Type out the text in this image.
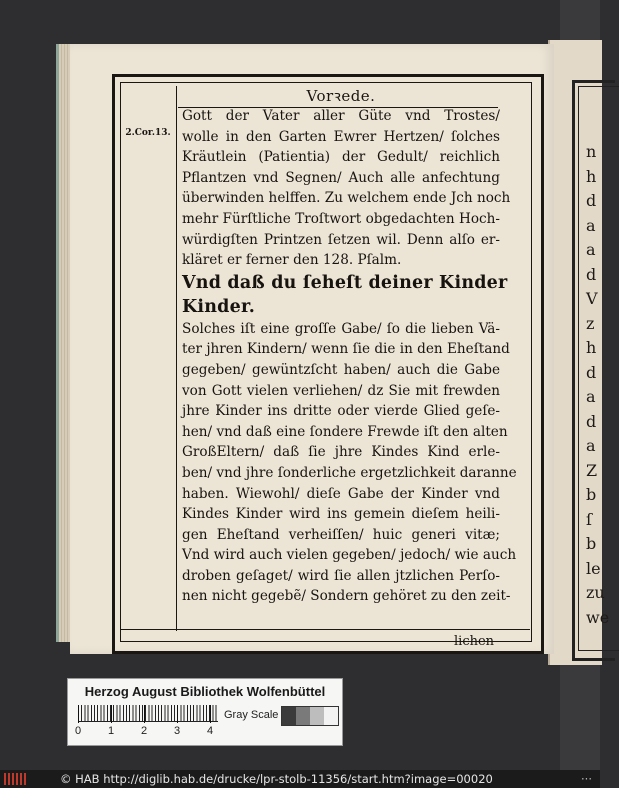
n
h
d
a
a
d
V
z
h
d
a
d
a
Z
b
ſ
b
le
zu
we
Vorꝛede.
2.Cor.13.
Gott der Vater aller Güte vnd Trostes/
wolle in den Garten Ewrer Hertzen/ ſolches
Kräutlein (Patientia) der Gedult/ reichlich
Pflantzen vnd Segnen/ Auch alle anfechtung
überwinden helffen. Zu welchem ende Jch noch
mehr Fürſtliche Troſtwort obgedachten Hoch-
würdigſten Printzen ſetzen wil. Denn alſo er-
kläret er ferner den 128. Pſalm.
Vnd daß du ſeheſt deiner Kinder
Kinder.
Solches iſt eine groſſe Gabe/ ſo die lieben Vä-
ter jhren Kindern/ wenn ſie die in den Eheſtand
gegeben/ gewüntzſcht haben/ auch die Gabe
von Gott vielen verliehen/ dz Sie mit frewden
jhre Kinder ins dritte oder vierde Glied geſe-
hen/ vnd daß eine ſondere Frewde iſt den alten
GroßEltern/ daß ſie jhre Kindes Kind erle-
ben/ vnd jhre ſonderliche ergetzlichkeit daranne
haben. Wiewohl/ dieſe Gabe der Kinder vnd
Kindes Kinder wird ins gemein dieſem heili-
gen Eheſtand verheiſſen/ huic generi vitæ;
Vnd wird auch vielen gegeben/ jedoch/ wie auch
droben geſaget/ wird ſie allen jtzlichen Perſo-
nen nicht gegebẽ/ Sondern gehöret zu den zeit-
lichen
Herzog August Bibliothek Wolfenbüttel
0 1 2 3 4
Gray Scale
© HAB http://diglib.hab.de/drucke/lpr-stolb-11356/start.htm?image=00020	···
